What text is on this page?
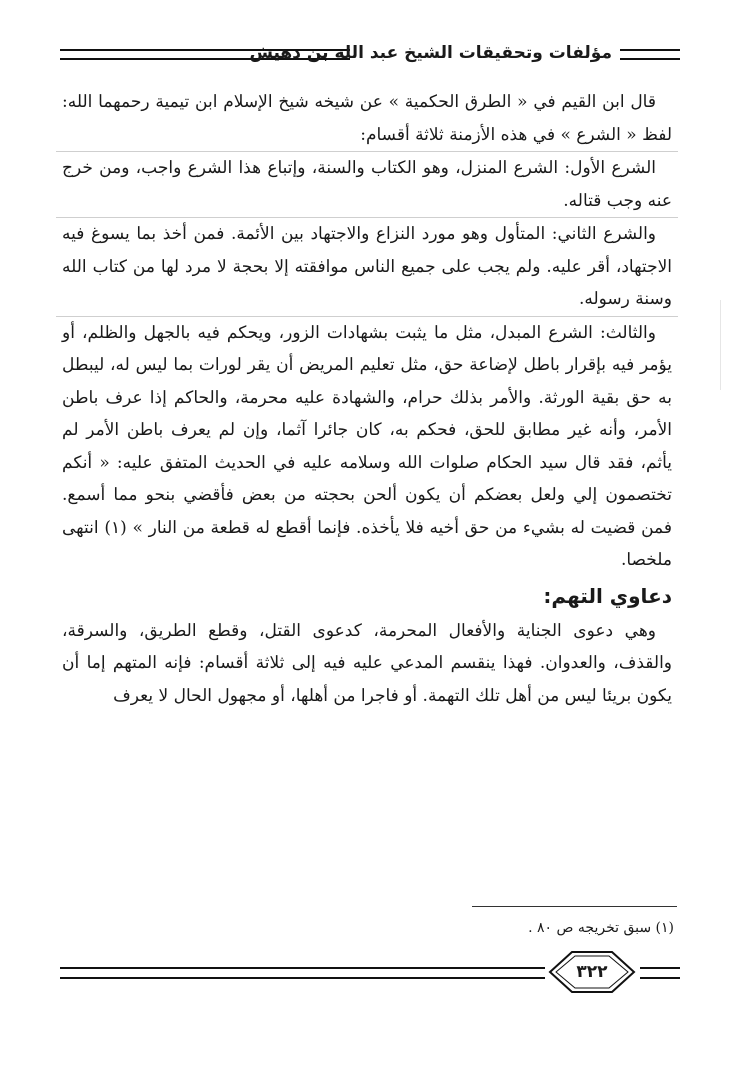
مؤلفات وتحقيقات الشيخ عبد الله بن دهيش

قال ابن القيم في « الطرق الحكمية » عن شيخه شيخ الإسلام ابن تيمية رحمهما الله: لفظ « الشرع » في هذه الأزمنة ثلاثة أقسام:

الشرع الأول: الشرع المنزل، وهو الكتاب والسنة، وإتباع هذا الشرع واجب، ومن خرج عنه وجب قتاله.

والشرع الثاني: المتأول وهو مورد النزاع والاجتهاد بين الأئمة. فمن أخذ بما يسوغ فيه الاجتهاد، أقر عليه. ولم يجب على جميع الناس موافقته إلا بحجة لا مرد لها من كتاب الله وسنة رسوله.

والثالث: الشرع المبدل، مثل ما يثبت بشهادات الزور، ويحكم فيه بالجهل والظلم، أو يؤمر فيه بإقرار باطل لإضاعة حق، مثل تعليم المريض أن يقر لورات بما ليس له، ليبطل به حق بقية الورثة. والأمر بذلك حرام، والشهادة عليه محرمة، والحاكم إذا عرف باطن الأمر، وأنه غير مطابق للحق، فحكم به، كان جائرا آثما، وإن لم يعرف باطن الأمر لم يأثم، فقد قال سيد الحكام صلوات الله وسلامه عليه في الحديث المتفق عليه: « أنكم تختصمون إلي ولعل بعضكم أن يكون ألحن بحجته من بعض فأقضي بنحو مما أسمع. فمن قضيت له بشيء من حق أخيه فلا يأخذه. فإنما أقطع له قطعة من النار » (١) انتهى ملخصا.

دعاوي التهم:

وهي دعوى الجناية والأفعال المحرمة، كدعوى القتل، وقطع الطريق، والسرقة، والقذف، والعدوان. فهذا ينقسم المدعي عليه فيه إلى ثلاثة أقسام: فإنه المتهم إما أن يكون بريئا ليس من أهل تلك التهمة. أو فاجرا من أهلها، أو مجهول الحال لا يعرف

(١) سبق تخريجه ص ٨٠ .
٣٢٢
